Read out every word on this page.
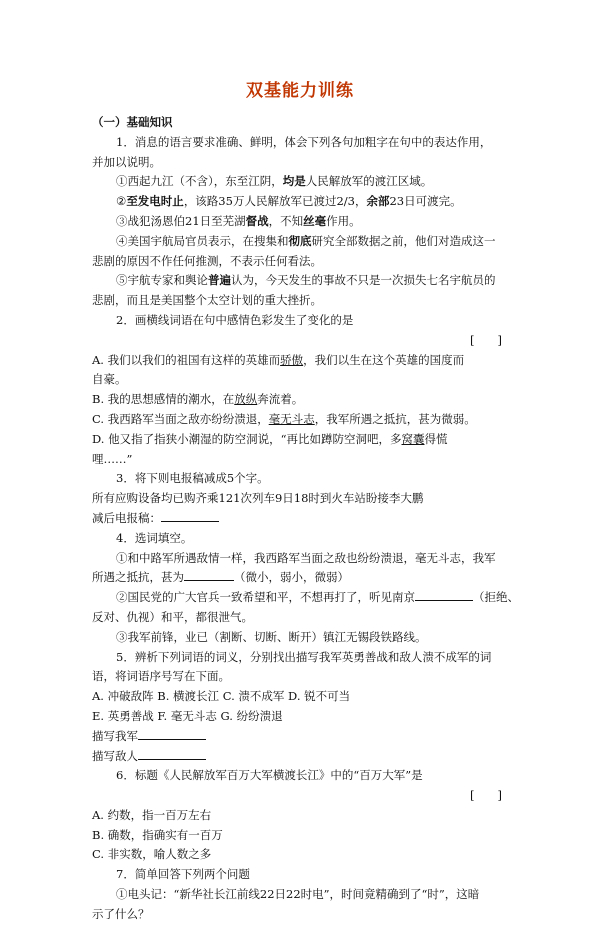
双基能力训练

（一）基础知识

1．消息的语言要求准确、鲜明，体会下列各句加粗字在句中的表达作用，

并加以说明。

①西起九江（不含），东至江阴，均是人民解放军的渡江区域。

②至发电时止，该路35万人民解放军已渡过2/3，余部23日可渡完。

③战犯汤恩伯21日至芜湖督战，不知丝毫作用。

④美国宇航局官员表示，在搜集和彻底研究全部数据之前，他们对造成这一

悲剧的原因不作任何推测，不表示任何看法。

⑤宇航专家和舆论普遍认为，今天发生的事故不只是一次损失七名宇航员的

悲剧，而且是美国整个太空计划的重大挫折。

2．画横线词语在句中感情色彩发生了变化的是

[　　]

A. 我们以我们的祖国有这样的英雄而骄傲，我们以生在这个英雄的国度而

自豪。

B. 我的思想感情的潮水，在放纵奔流着。

C. 我西路军当面之敌亦纷纷溃退，毫无斗志，我军所遇之抵抗，甚为微弱。

D. 他又指了指狭小潮湿的防空洞说，“再比如蹲防空洞吧，多窝囊得慌

哩……”

3．将下则电报稿减成5个字。

所有应购设备均已购齐乘121次列车9日18时到火车站盼接李大鹏

减后电报稿：

4．选词填空。

①和中路军所遇敌情一样，我西路军当面之敌也纷纷溃退，毫无斗志，我军

所遇之抵抗，甚为	（微小，弱小，微弱）

②国民党的广大官兵一致希望和平，不想再打了，听见南京	（拒绝、

反对、仇视）和平，都很泄气。

③我军前锋，业已（割断、切断、断开）镇江无锡段铁路线。

5．辨析下列词语的词义，分别找出描写我军英勇善战和敌人溃不成军的词

语，将词语序号写在下面。

A. 冲破敌阵 B. 横渡长江 C. 溃不成军 D. 锐不可当

E. 英勇善战 F. 毫无斗志 G. 纷纷溃退

描写我军

描写敌人

6．标题《人民解放军百万大军横渡长江》中的“百万大军”是

[　　]

A. 约数，指一百万左右

B. 确数，指确实有一百万

C. 非实数，喻人数之多

7．简单回答下列两个问题

①电头记：“新华社长江前线22日22时电”，时间竟精确到了“时”，这暗

示了什么？
